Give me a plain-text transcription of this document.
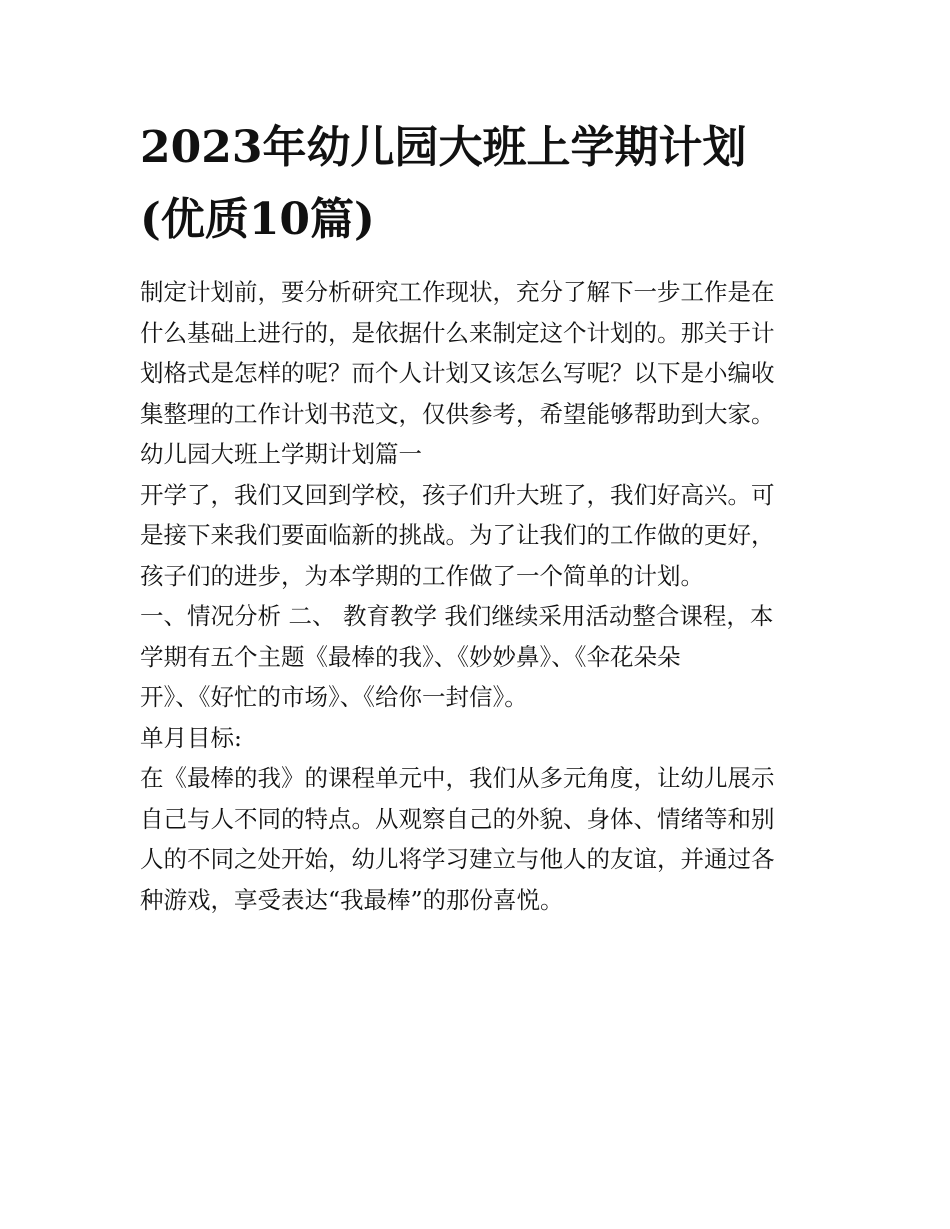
2023年幼儿园大班上学期计划
(优质10篇)
制定计划前，要分析研究工作现状，充分了解下一步工作是在
什么基础上进行的，是依据什么来制定这个计划的。那关于计
划格式是怎样的呢？而个人计划又该怎么写呢？以下是小编收
集整理的工作计划书范文，仅供参考，希望能够帮助到大家。
幼儿园大班上学期计划篇一
开学了，我们又回到学校，孩子们升大班了，我们好高兴。可
是接下来我们要面临新的挑战。为了让我们的工作做的更好，
孩子们的进步，为本学期的工作做了一个简单的计划。
一、情况分析 二、 教育教学 我们继续采用活动整合课程，本
学期有五个主题《最棒的我》、《妙妙鼻》、《伞花朵朵
开》、《好忙的市场》、《给你一封信》。
单月目标:
在《最棒的我》的课程单元中，我们从多元角度，让幼儿展示
自己与人不同的特点。从观察自己的外貌、身体、情绪等和别
人的不同之处开始，幼儿将学习建立与他人的友谊，并通过各
种游戏，享受表达“我最棒”的那份喜悦。
